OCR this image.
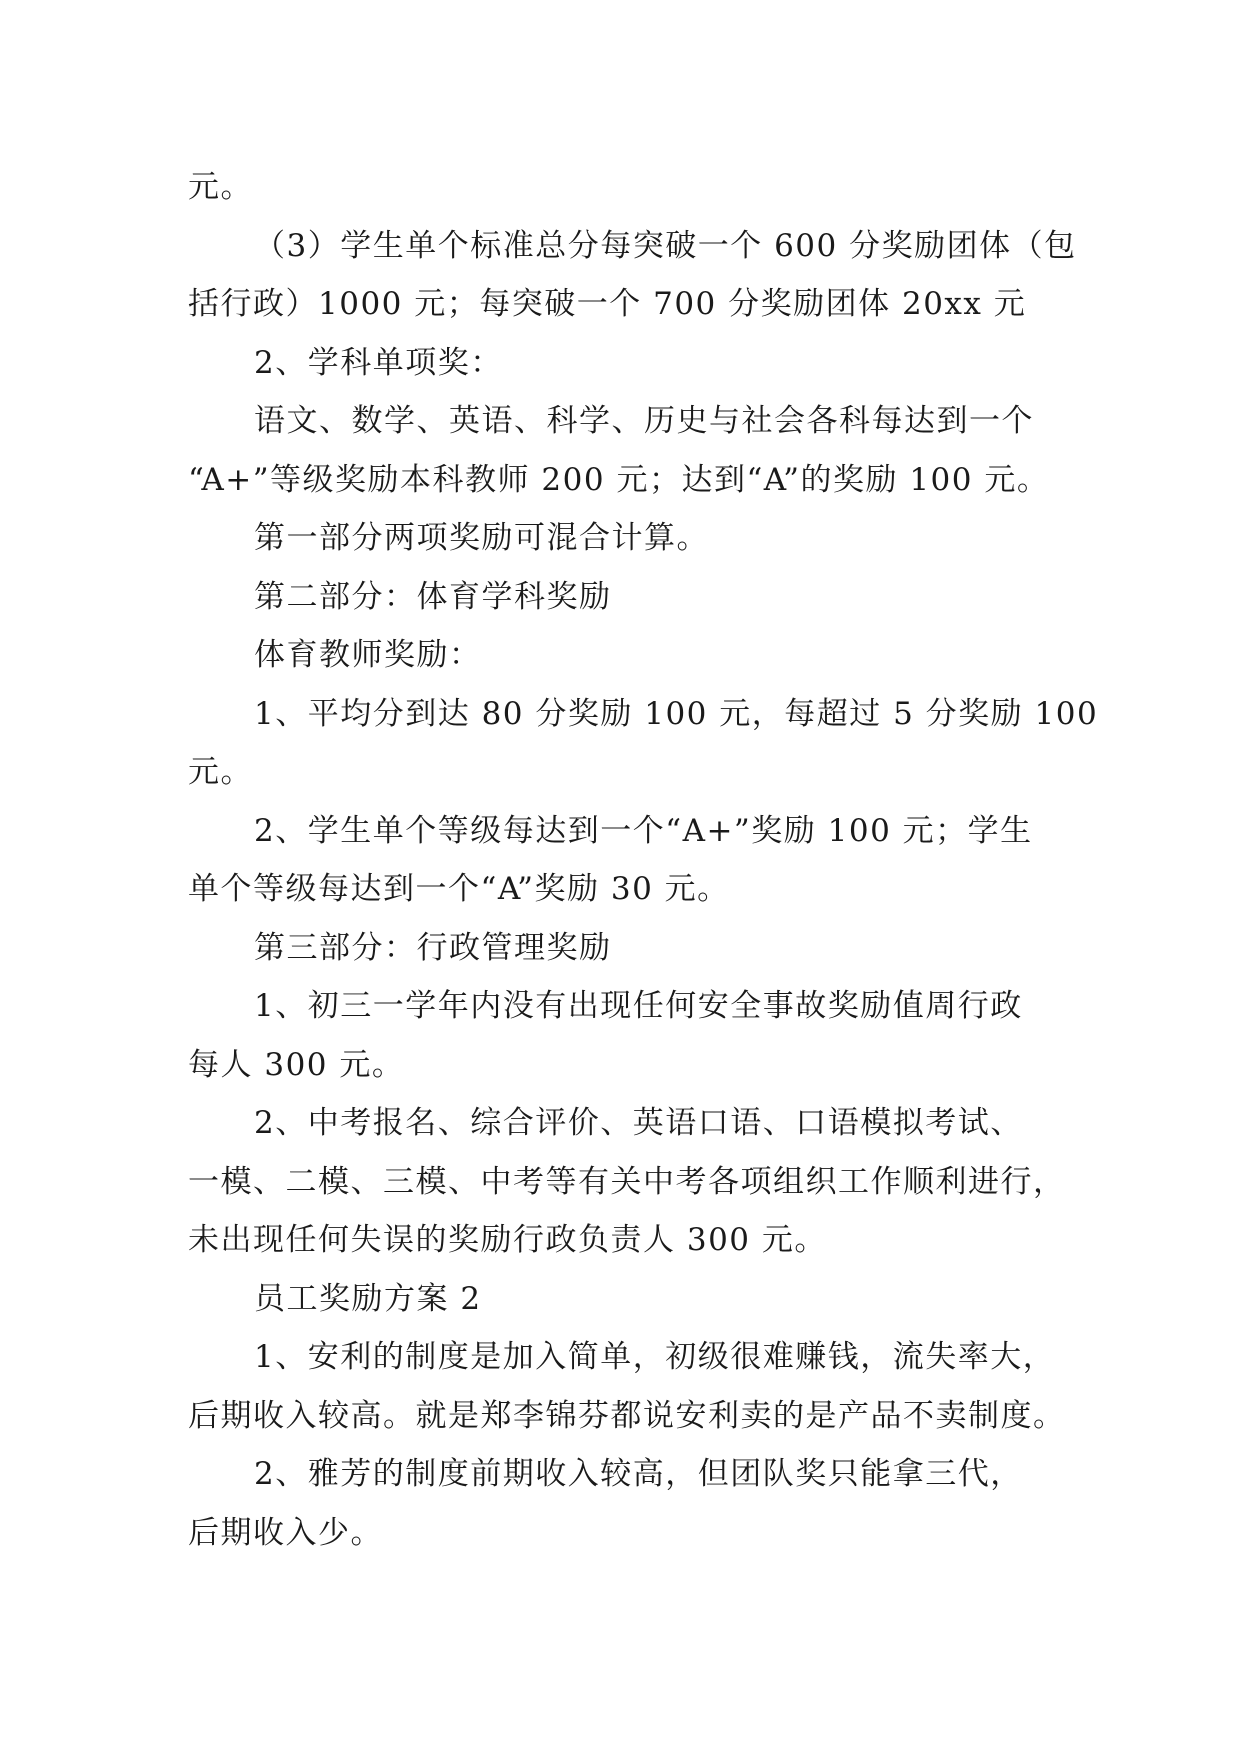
元。
（3）学生单个标准总分每突破一个 600 分奖励团体（包
括行政）1000 元；每突破一个 700 分奖励团体 20xx 元
2、学科单项奖：
语文、数学、英语、科学、历史与社会各科每达到一个
“A+”等级奖励本科教师 200 元；达到“A”的奖励 100 元。
第一部分两项奖励可混合计算。
第二部分：体育学科奖励
体育教师奖励：
1、平均分到达 80 分奖励 100 元，每超过 5 分奖励 100
元。
2、学生单个等级每达到一个“A+”奖励 100 元；学生
单个等级每达到一个“A”奖励 30 元。
第三部分：行政管理奖励
1、初三一学年内没有出现任何安全事故奖励值周行政
每人 300 元。
2、中考报名、综合评价、英语口语、口语模拟考试、
一模、二模、三模、中考等有关中考各项组织工作顺利进行，
未出现任何失误的奖励行政负责人 300 元。
员工奖励方案 2
1、安利的制度是加入简单，初级很难赚钱，流失率大，
后期收入较高。就是郑李锦芬都说安利卖的是产品不卖制度。
2、雅芳的制度前期收入较高，但团队奖只能拿三代，
后期收入少。
